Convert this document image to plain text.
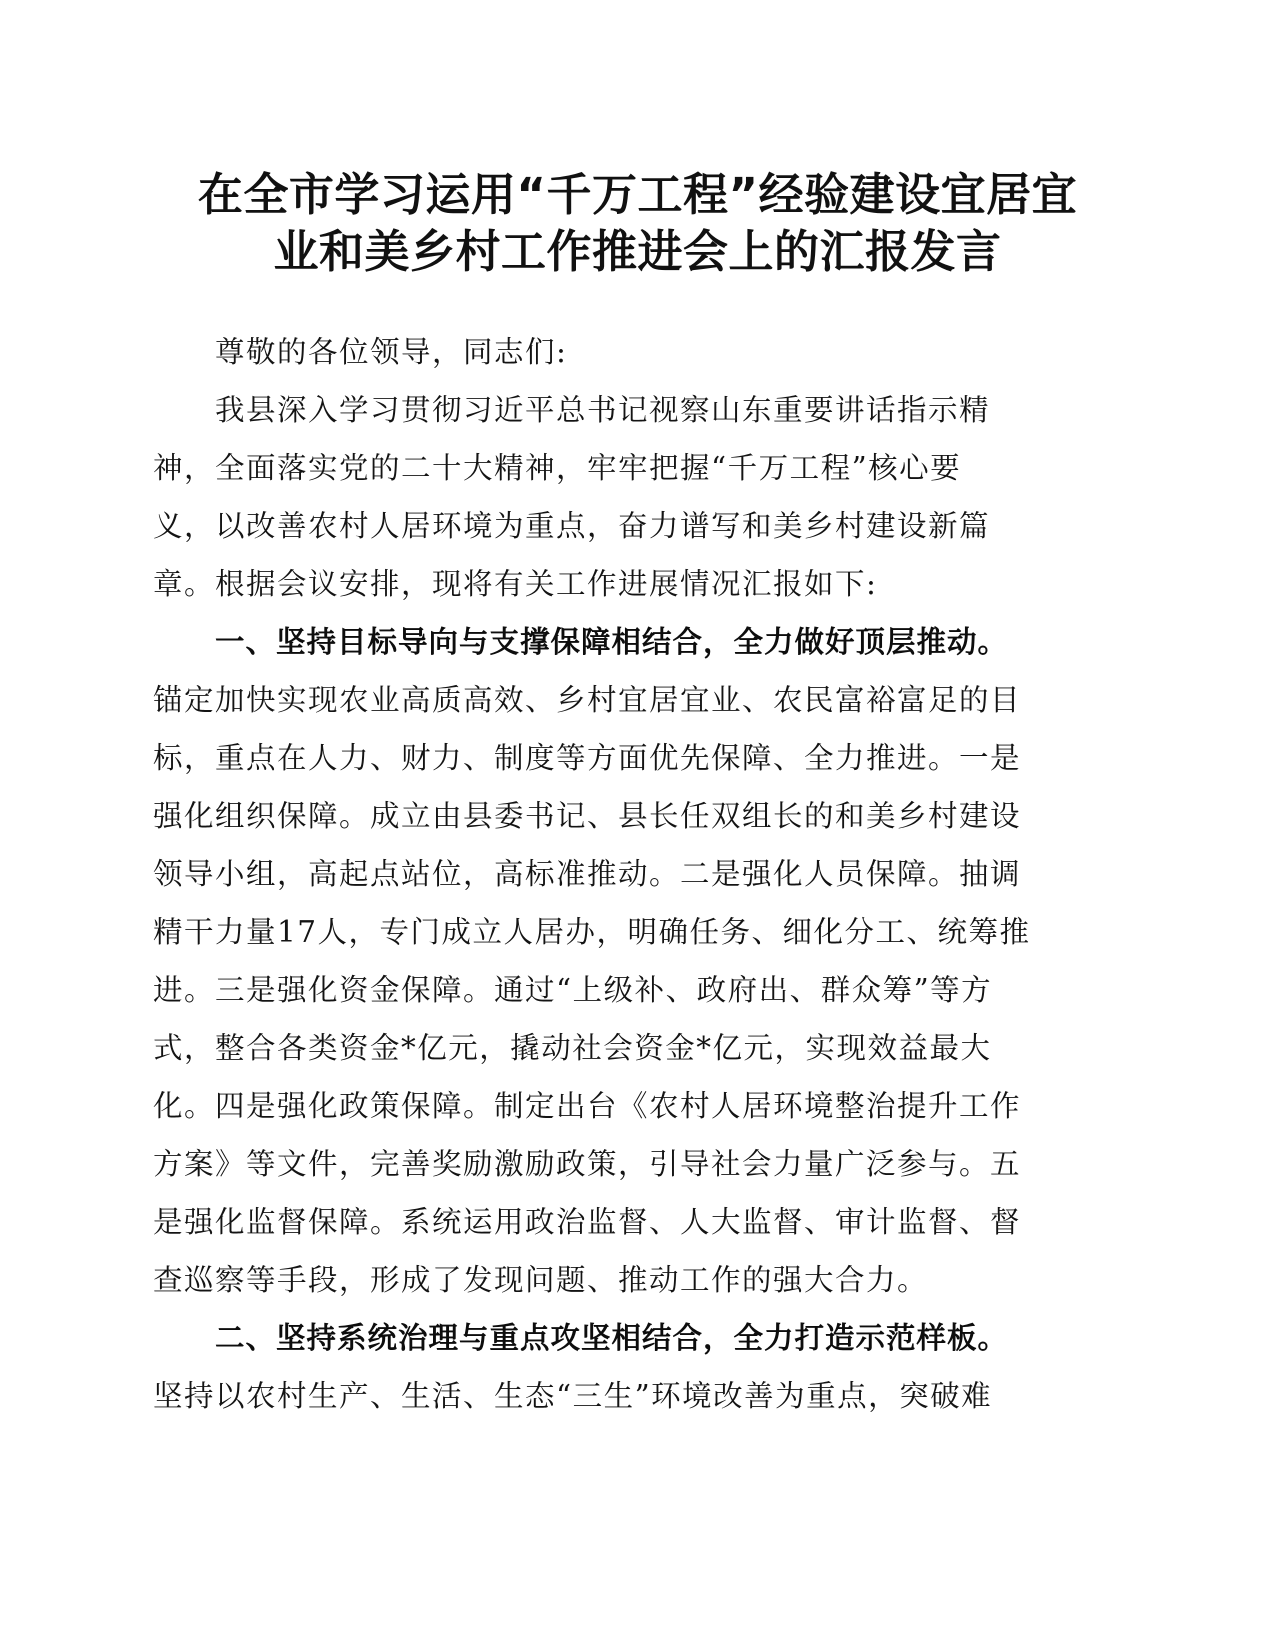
在全市学习运用“千万工程”经验建设宜居宜
业和美乡村工作推进会上的汇报发言
尊敬的各位领导，同志们:
我县深入学习贯彻习近平总书记视察山东重要讲话指示精
神，全面落实党的二十大精神，牢牢把握“千万工程”核心要
义，以改善农村人居环境为重点，奋力谱写和美乡村建设新篇
章。根据会议安排，现将有关工作进展情况汇报如下:
一、坚持目标导向与支撑保障相结合，全力做好顶层推动。
锚定加快实现农业高质高效、乡村宜居宜业、农民富裕富足的目
标，重点在人力、财力、制度等方面优先保障、全力推进。一是
强化组织保障。成立由县委书记、县长任双组长的和美乡村建设
领导小组，高起点站位，高标准推动。二是强化人员保障。抽调
精干力量17人，专门成立人居办，明确任务、细化分工、统筹推
进。三是强化资金保障。通过“上级补、政府出、群众筹”等方
式，整合各类资金*亿元，撬动社会资金*亿元，实现效益最大
化。四是强化政策保障。制定出台《农村人居环境整治提升工作
方案》等文件，完善奖励激励政策，引导社会力量广泛参与。五
是强化监督保障。系统运用政治监督、人大监督、审计监督、督
查巡察等手段，形成了发现问题、推动工作的强大合力。
二、坚持系统治理与重点攻坚相结合，全力打造示范样板。
坚持以农村生产、生活、生态“三生”环境改善为重点，突破难
